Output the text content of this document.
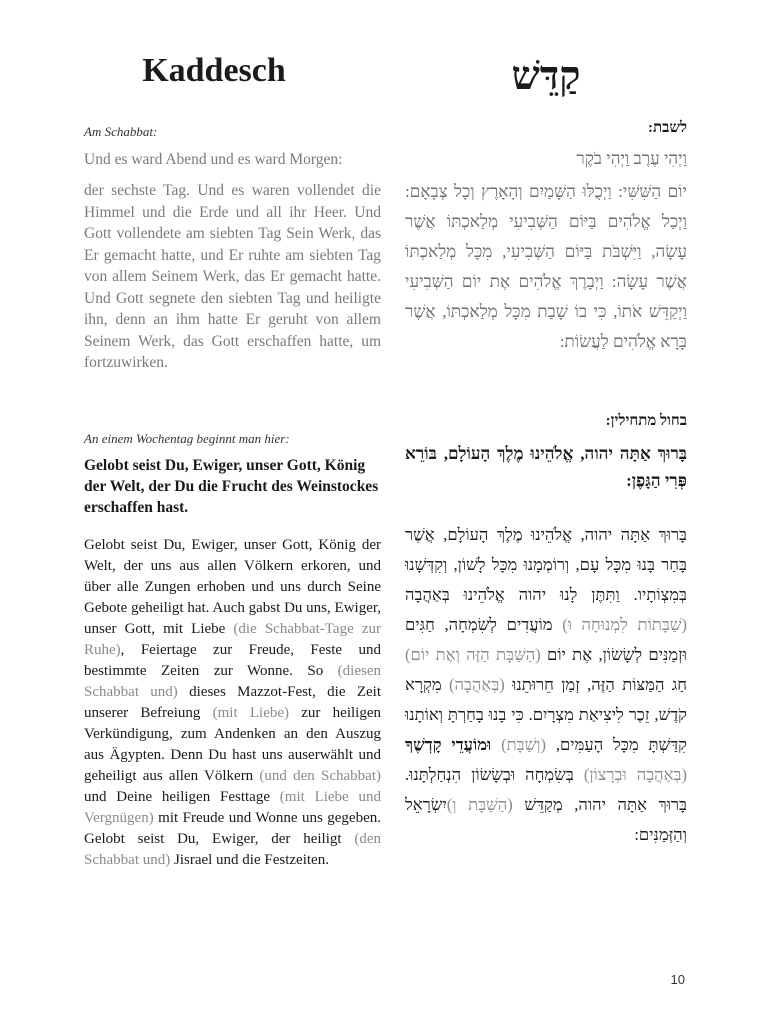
Kaddesch	קַדֵּשׁ
Am Schabbat:
Und es ward Abend und es ward Morgen:
der sechste Tag. Und es waren vollendet die Himmel und die Erde und all ihr Heer. Und Gott vollendete am siebten Tag Sein Werk, das Er gemacht hatte, und Er ruhte am siebten Tag von allem Seinem Werk, das Er gemacht hatte. Und Gott segnete den siebten Tag und heiligte ihn, denn an ihm hatte Er geruht von allem Seinem Werk, das Gott erschaffen hatte, um fortzuwirken.
An einem Wochentag beginnt man hier:
Gelobt seist Du, Ewiger, unser Gott, König der Welt, der Du die Frucht des Weinstockes erschaffen hast.
Gelobt seist Du, Ewiger, unser Gott, König der Welt, der uns aus allen Völkern erkoren, und über alle Zungen erhoben und uns durch Seine Gebote geheiligt hat. Auch gabst Du uns, Ewiger, unser Gott, mit Liebe (die Schabbat-Tage zur Ruhe), Feiertage zur Freude, Feste und bestimmte Zeiten zur Wonne. So (diesen Schabbat und) dieses Mazzot-Fest, die Zeit unserer Befreiung (mit Liebe) zur heiligen Verkündigung, zum Andenken an den Auszug aus Ägypten. Denn Du hast uns auserwählt und geheiligt aus allen Völkern (und den Schabbat) und Deine heiligen Festtage (mit Liebe und Vergnügen) mit Freude und Wonne uns gegeben. Gelobt seist Du, Ewiger, der heiligt (den Schabbat und) Jisrael und die Festzeiten.
לשבת:
וַיְהִי עֶרֶב וַיְהִי בֹקֶר
יוֹם הַשִּׁשִּׁי: וַיְכֻלּוּ הַשָּׁמַיִם וְהָאָרֶץ וְכָל צְבָאָם: וַיְכַל אֱלֹהִים בַּיּוֹם הַשְּׁבִיעִי מְלַאכְתּוֹ אֲשֶׁר עָשָׂה, וַיִּשְׁבֹּת בַּיּוֹם הַשְּׁבִיעִי, מִכָּל מְלַאכְתּוֹ אֲשֶׁר עָשָׂה: וַיְבָרֶךְ אֱלֹהִים אֶת יוֹם הַשְּׁבִיעִי וַיְקַדֵּשׁ אֹתוֹ, כִּי בוֹ שָׁבַת מִכָּל מְלַאכְתּוֹ, אֲשֶׁר בָּרָא אֱלֹהִים לַעֲשׂוֹת:
בחול מתחילין:
בָּרוּךְ אַתָּה יהוה, אֱלֹהֵינוּ מֶלֶךְ הָעוֹלָם, בּוֹרֵא פְּרִי הַגָּפֶן:
בָּרוּךְ אַתָּה יהוה, אֱלֹהֵינוּ מֶלֶךְ הָעוֹלָם, אֲשֶׁר בָּחַר בָּנוּ מִכָּל עָם, וְרוֹמְמָנוּ מִכָּל לָשׁוֹן, וְקִדְּשָׁנוּ בְּמִצְוֹתָיו. וַתִּתֶּן לָנוּ יהוה אֱלֹהֵינוּ בְּאַהֲבָה (שַׁבָּתוֹת לִמְנוּחָה וּ) מוֹעֲדִים לְשִׂמְחָה, חַגִּים וּזְמַנִּים לְשָׂשׂוֹן, אֶת יוֹם (הַשַּׁבָּת הַזֶּה וְאֶת יוֹם) חַג הַמַּצּוֹת הַזֶּה, זְמַן חֵרוּתֵנוּ (בְּאַהֲבָה) מִקְרָא קֹדֶשׁ, זֵכֶר לִיצִיאַת מִצְרָיִם. כִּי בָנוּ בָחַרְתָּ וְאוֹתָנוּ קִדַּשְׁתָּ מִכָּל הָעַמִּים, (וְשַׁבָּת) וּמוֹעֲדֵי קָדְשֶׁךָ (בְּאַהֲבָה וּבְרָצוֹן) בְּשִׂמְחָה וּבְשָׂשׂוֹן הִנְחַלְתָּנוּ. בָּרוּךְ אַתָּה יהוה, מְקַדֵּשׁ (הַשַּׁבָּת וְ)יִשְׂרָאֵל וְהַזְּמַנִּים:
10
